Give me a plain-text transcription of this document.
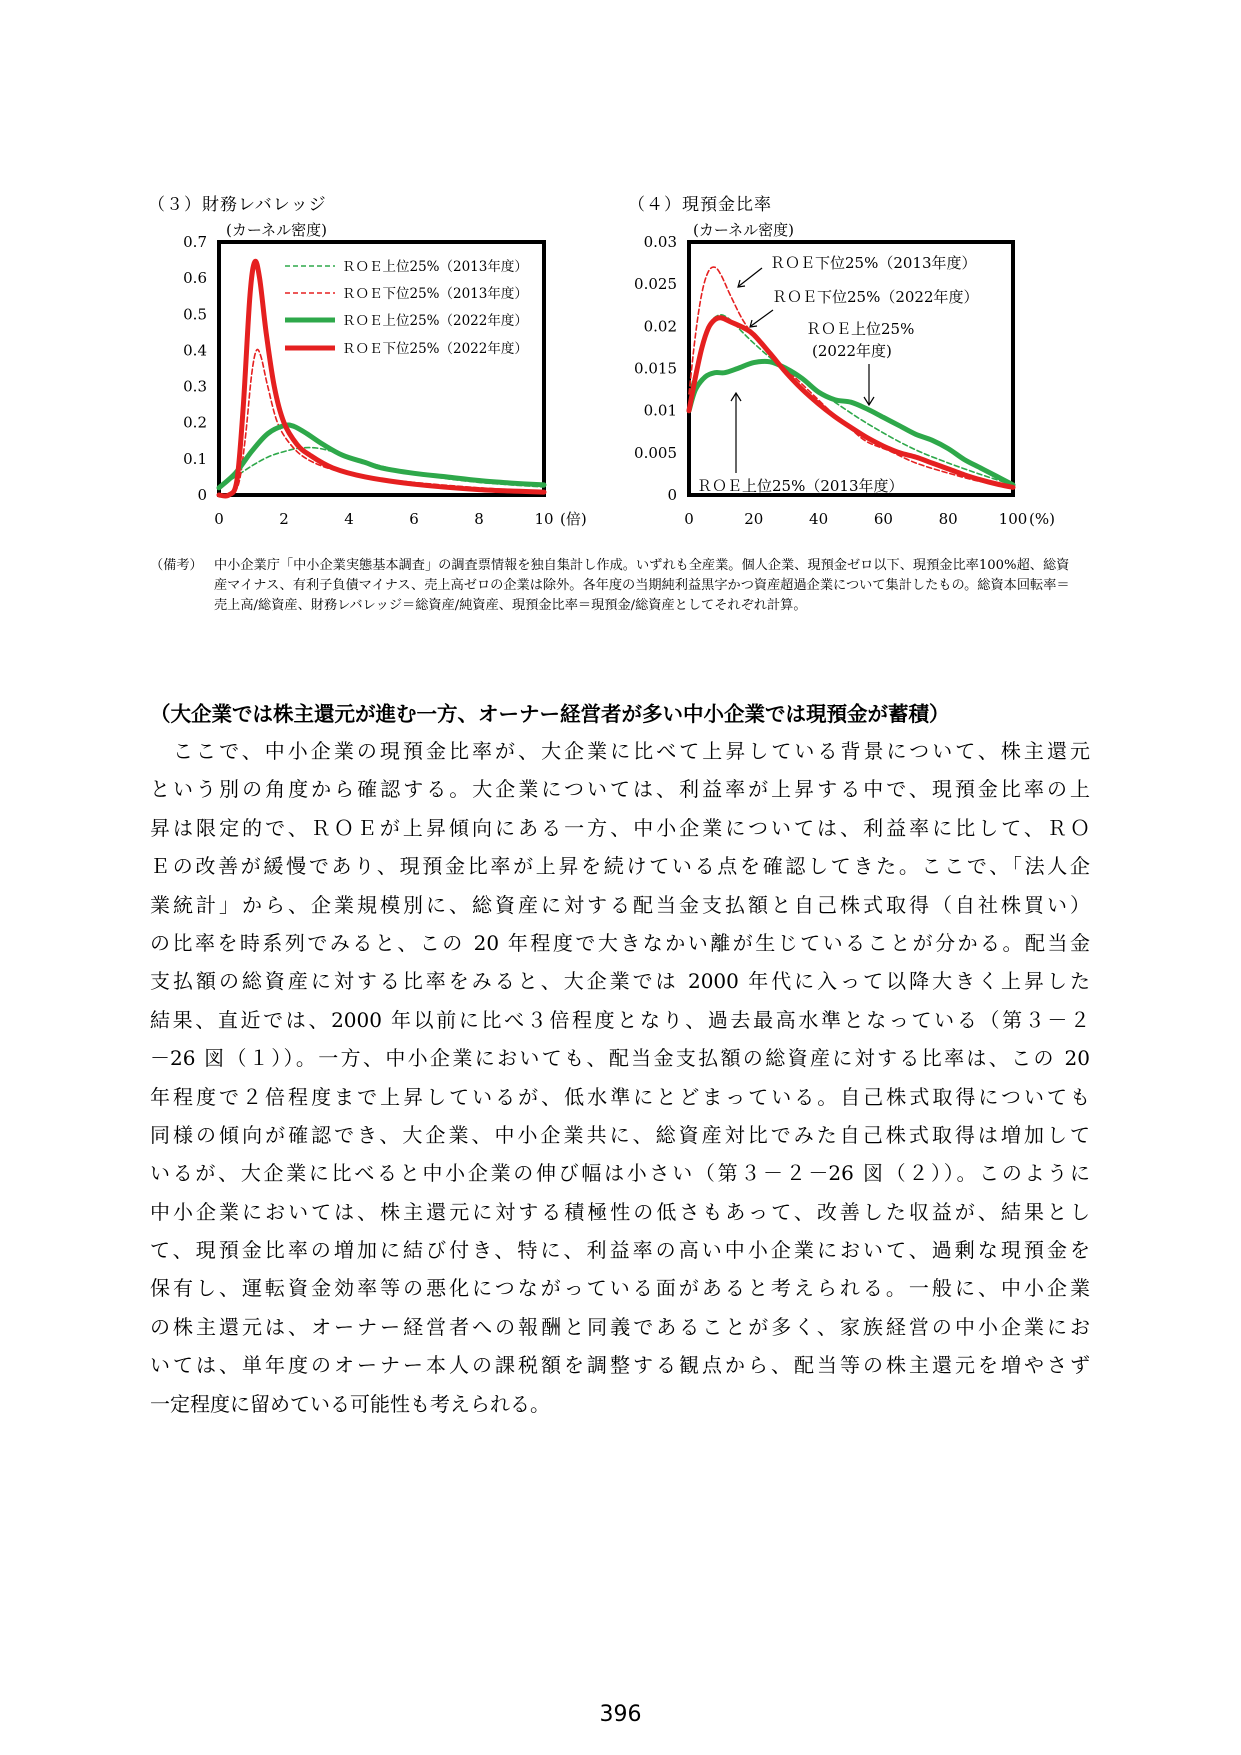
（３）財務レバレッジ
(カーネル密度)
0
0.1
0.2
0.3
0.4
0.5
0.6
0.7
0	2	4	6	8	10 (倍)
ＲＯＥ上位25%（2013年度）
ＲＯＥ下位25%（2013年度）
ＲＯＥ上位25%（2022年度）
ＲＯＥ下位25%（2022年度）
（４）現預金比率
(カーネル密度)
0
0.005
0.01
0.015
0.02
0.025
0.03
0	20	40	60	80	100 (%)
ＲＯＥ下位25%（2013年度）
ＲＯＥ下位25%（2022年度）
ＲＯＥ上位25%
(2022年度)
ＲＯＥ上位25%（2013年度）
（備考） 中小企業庁「中小企業実態基本調査」の調査票情報を独自集計し作成。いずれも全産業。個人企業、現預金ゼロ以下、現預金比率100%超、総資産マイナス、有利子負債マイナス、売上高ゼロの企業は除外。各年度の当期純利益黒字かつ資産超過企業について集計したもの。総資本回転率＝売上高/総資産、財務レバレッジ＝総資産/純資産、現預金比率＝現預金/総資産としてそれぞれ計算。
（大企業では株主還元が進む一方、オーナー経営者が多い中小企業では現預金が蓄積）
　ここで、中小企業の現預金比率が、大企業に比べて上昇している背景について、株主還元
という別の角度から確認する。大企業については、利益率が上昇する中で、現預金比率の上
昇は限定的で、ＲＯＥが上昇傾向にある一方、中小企業については、利益率に比して、ＲＯ
Ｅの改善が緩慢であり、現預金比率が上昇を続けている点を確認してきた。ここで、「法人企
業統計」から、企業規模別に、総資産に対する配当金支払額と自己株式取得（自社株買い）
の比率を時系列でみると、この 20 年程度で大きなかい離が生じていることが分かる。配当金
支払額の総資産に対する比率をみると、大企業では 2000 年代に入って以降大きく上昇した
結果、直近では、2000 年以前に比べ３倍程度となり、過去最高水準となっている（第３－２
－26 図（１））。一方、中小企業においても、配当金支払額の総資産に対する比率は、この 20
年程度で２倍程度まで上昇しているが、低水準にとどまっている。自己株式取得についても
同様の傾向が確認でき、大企業、中小企業共に、総資産対比でみた自己株式取得は増加して
いるが、大企業に比べると中小企業の伸び幅は小さい（第３－２－26 図（２））。このように
中小企業においては、株主還元に対する積極性の低さもあって、改善した収益が、結果とし
て、現預金比率の増加に結び付き、特に、利益率の高い中小企業において、過剰な現預金を
保有し、運転資金効率等の悪化につながっている面があると考えられる。一般に、中小企業
の株主還元は、オーナー経営者への報酬と同義であることが多く、家族経営の中小企業にお
いては、単年度のオーナー本人の課税額を調整する観点から、配当等の株主還元を増やさず
一定程度に留めている可能性も考えられる。
396
